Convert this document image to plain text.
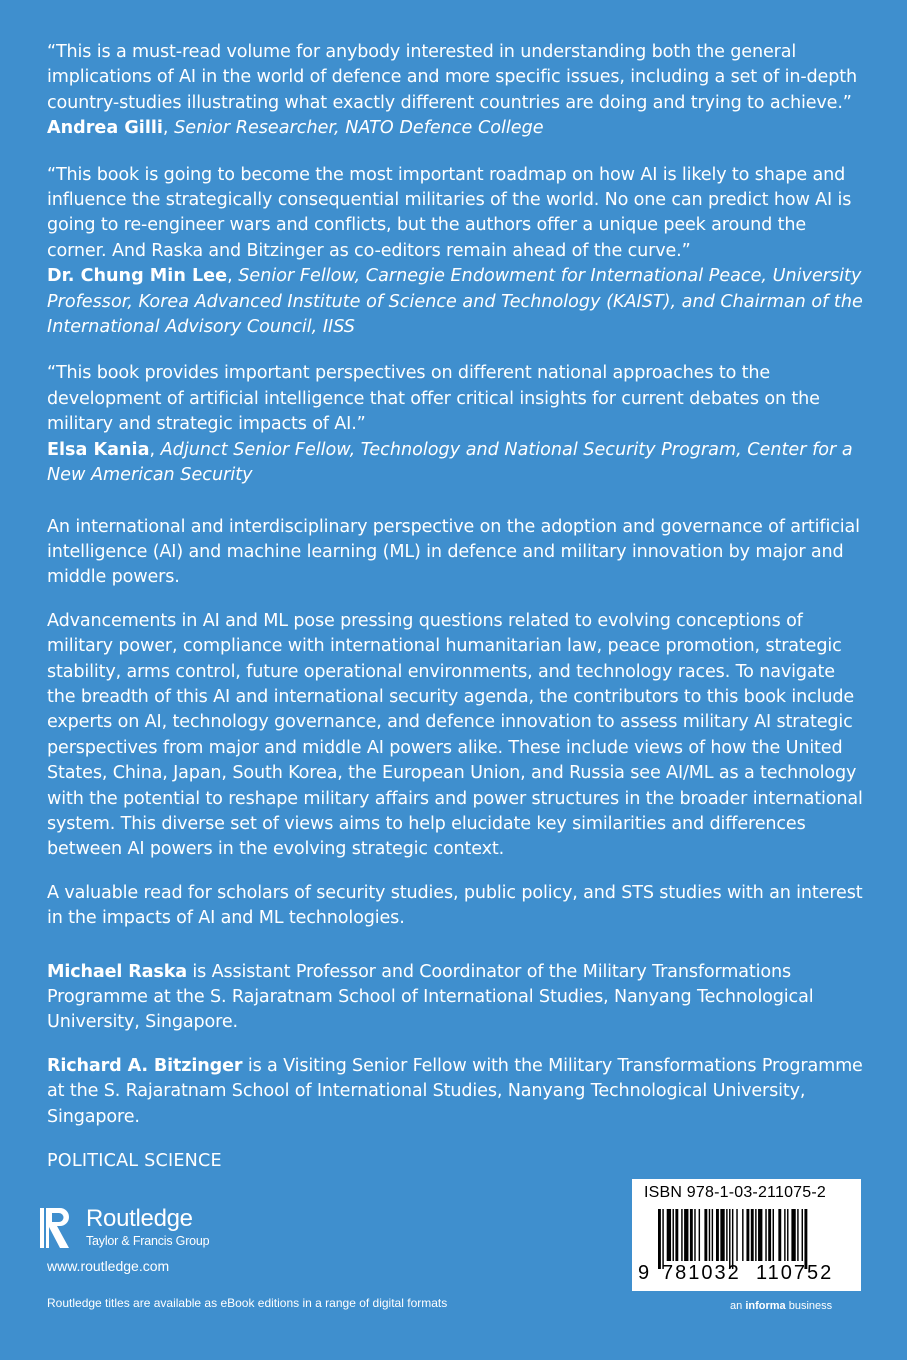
“This is a must-read volume for anybody interested in understanding both the general implications of AI in the world of defence and more specific issues, including a set of in-depth country-studies illustrating what exactly different countries are doing and trying to achieve.”

Andrea Gilli, Senior Researcher, NATO Defence College

“This book is going to become the most important roadmap on how AI is likely to shape and influence the strategically consequential militaries of the world. No one can predict how AI is going to re-engineer wars and conflicts, but the authors offer a unique peek around the corner. And Raska and Bitzinger as co-editors remain ahead of the curve.”

Dr. Chung Min Lee, Senior Fellow, Carnegie Endowment for International Peace, University Professor, Korea Advanced Institute of Science and Technology (KAIST), and Chairman of the International Advisory Council, IISS

“This book provides important perspectives on different national approaches to the development of artificial intelligence that offer critical insights for current debates on the military and strategic impacts of AI.”

Elsa Kania, Adjunct Senior Fellow, Technology and National Security Program, Center for a New American Security

An international and interdisciplinary perspective on the adoption and governance of artificial intelligence (AI) and machine learning (ML) in defence and military innovation by major and middle powers.

Advancements in AI and ML pose pressing questions related to evolving conceptions of military power, compliance with international humanitarian law, peace promotion, strategic stability, arms control, future operational environments, and technology races. To navigate the breadth of this AI and international security agenda, the contributors to this book include experts on AI, technology governance, and defence innovation to assess military AI strategic perspectives from major and middle AI powers alike. These include views of how the United States, China, Japan, South Korea, the European Union, and Russia see AI/ML as a technology with the potential to reshape military affairs and power structures in the broader international system. This diverse set of views aims to help elucidate key similarities and differences between AI powers in the evolving strategic context.

A valuable read for scholars of security studies, public policy, and STS studies with an interest in the impacts of AI and ML technologies.

Michael Raska is Assistant Professor and Coordinator of the Military Transformations Programme at the S. Rajaratnam School of International Studies, Nanyang Technological University, Singapore.

Richard A. Bitzinger is a Visiting Senior Fellow with the Military Transformations Programme at the S. Rajaratnam School of International Studies, Nanyang Technological University, Singapore.

POLITICAL SCIENCE
Routledge
Taylor & Francis Group
www.routledge.com
Routledge titles are available as eBook editions in a range of digital formats
ISBN 978-1-03-211075-2
9 781032 110752
an informa business
